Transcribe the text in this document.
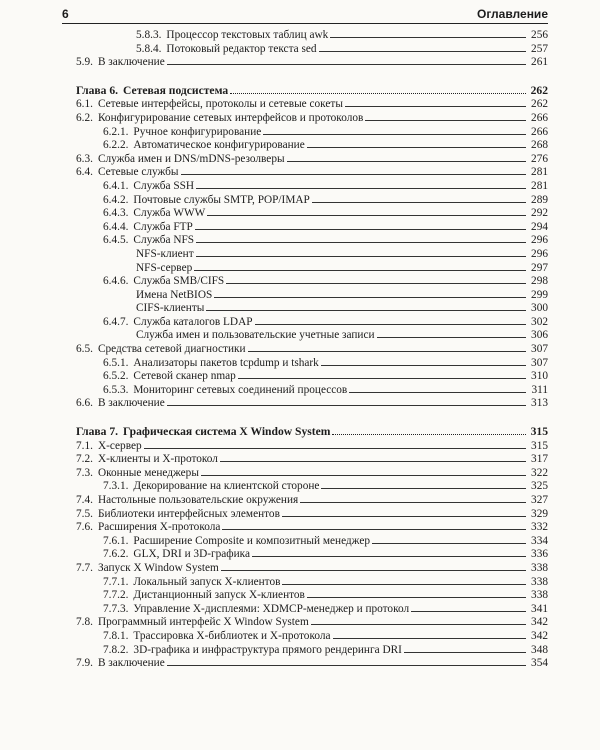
6	Оглавление
5.8.3. Процессор текстовых таблиц awk	256
5.8.4. Потоковый редактор текста sed	257
5.9. В заключение	261
Глава 6. Сетевая подсистема	262
6.1. Сетевые интерфейсы, протоколы и сетевые сокеты	262
6.2. Конфигурирование сетевых интерфейсов и протоколов	266
6.2.1. Ручное конфигурирование	266
6.2.2. Автоматическое конфигурирование	268
6.3. Служба имен и DNS/mDNS-резолверы	276
6.4. Сетевые службы	281
6.4.1. Служба SSH	281
6.4.2. Почтовые службы SMTP, POP/IMAP	289
6.4.3. Служба WWW	292
6.4.4. Служба FTP	294
6.4.5. Служба NFS	296
NFS-клиент	296
NFS-сервер	297
6.4.6. Служба SMB/CIFS	298
Имена NetBIOS	299
CIFS-клиенты	300
6.4.7. Служба каталогов LDAP	302
Служба имен и пользовательские учетные записи	306
6.5. Средства сетевой диагностики	307
6.5.1. Анализаторы пакетов tcpdump и tshark	307
6.5.2. Сетевой сканер nmap	310
6.5.3. Мониторинг сетевых соединений процессов	311
6.6. В заключение	313
Глава 7. Графическая система X Window System	315
7.1. Х-сервер	315
7.2. Х-клиенты и Х-протокол	317
7.3. Оконные менеджеры	322
7.3.1. Декорирование на клиентской стороне	325
7.4. Настольные пользовательские окружения	327
7.5. Библиотеки интерфейсных элементов	329
7.6. Расширения Х-протокола	332
7.6.1. Расширение Composite и композитный менеджер	334
7.6.2. GLX, DRI и 3D-графика	336
7.7. Запуск X Window System	338
7.7.1. Локальный запуск Х-клиентов	338
7.7.2. Дистанционный запуск Х-клиентов	338
7.7.3. Управление Х-дисплеями: XDMCP-менеджер и протокол	341
7.8. Программный интерфейс X Window System	342
7.8.1. Трассировка Х-библиотек и Х-протокола	342
7.8.2. 3D-графика и инфраструктура прямого рендеринга DRI	348
7.9. В заключение	354
